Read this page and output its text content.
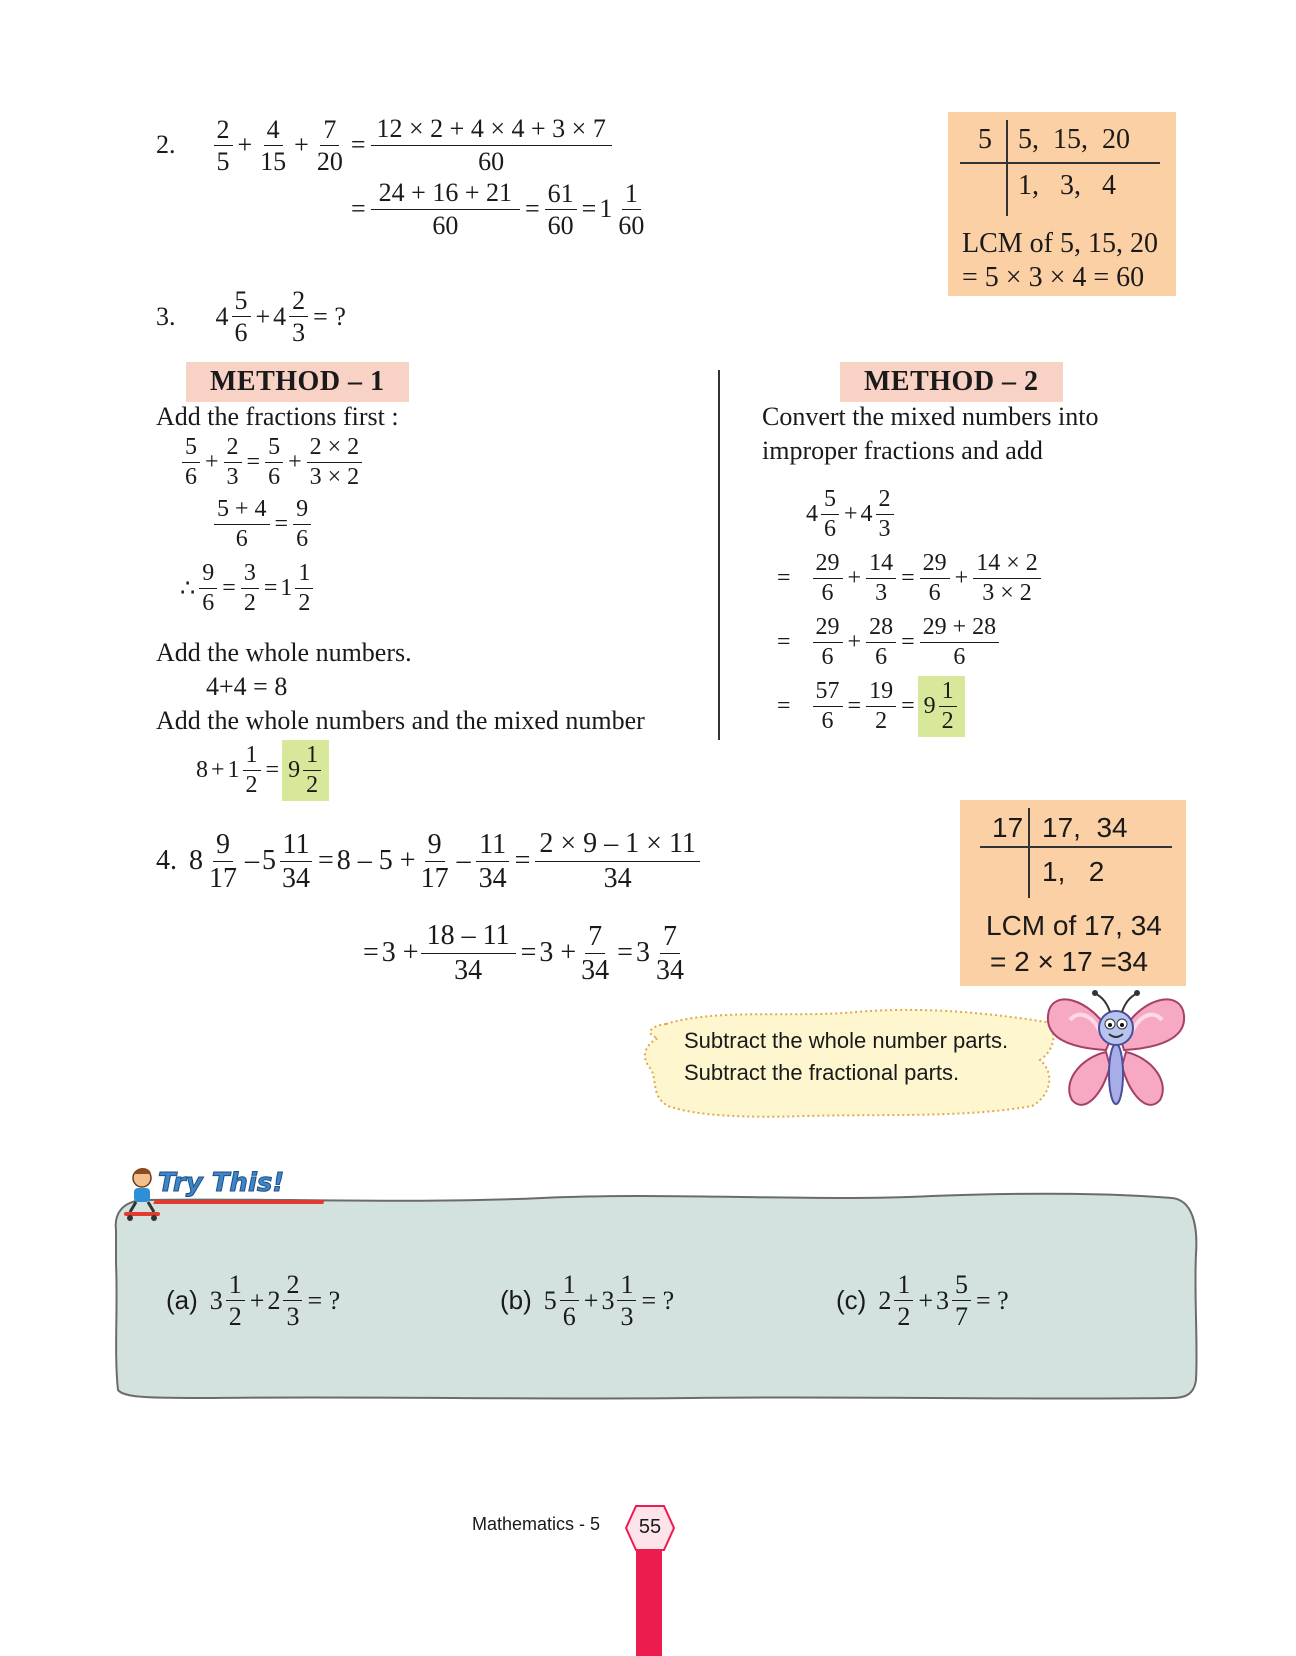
2.
2
5
+ $\frac{4}{15} + \frac{7}{20} = \frac{12 \times 2 + 4 \times 4 + 3 \times 7}{60}$
= $\frac{24 + 16 + 21}{60} = \frac{61}{60} = 1$
1
60
5 5,  15,  20
1,   3,   4
LCM of 5, 15, 20
= 5 × 3 × 4 = 60
3. 4
5
6
+ $4 \frac{2}{3}$ = ?
METHOD – 1
Add the fractions first :
5
6
+ $\frac{2}{3} = \frac{5}{6} + \frac{2 \times 2}{3 \times 2}$
$\frac{5 + 4}{6} = \frac{9}{6}$
∴ $\frac{9}{6} = \frac{3}{2} = 1$
1
2
Add the whole numbers.
4+4 = 8
Add the whole numbers and the mixed number
$8 + 1 \frac{1}{2} = 9$
1
2
METHOD – 2
Convert the mixed numbers into
improper fractions and add
4
5
6
+ 4
2
3
= $\frac{29}{6} + \frac{14}{3} = \frac{29}{6} + \frac{14 \times 2}{3 \times 2}$
= $\frac{29}{6} + \frac{28}{6} = \frac{29 + 28}{6}$
= $\frac{57}{6} = \frac{19}{2} = 9$
1
2
4. 8
9
17
– $5 \frac{11}{34} = 8 - 5 + \frac{9}{17} - \frac{11}{34} = \frac{2 \times 9 - 1 \times 11}{34}$
= $3 + \frac{18 - 11}{34} = 3 + \frac{7}{34} = 3$
7
34
17 17,  34
1,   2
LCM of 17, 34
= 2 × 17 =34
Subtract the whole number parts.
Subtract the fractional parts.
Try This!
(a) 3
1
2
+ $2 \frac{2}{3}$ = ?	(b) 5
1
6
+ $3 \frac{1}{3}$ = ?	(c) 2
1
2
+ $3 \frac{5}{7}$ = ?
Mathematics - 5	55
